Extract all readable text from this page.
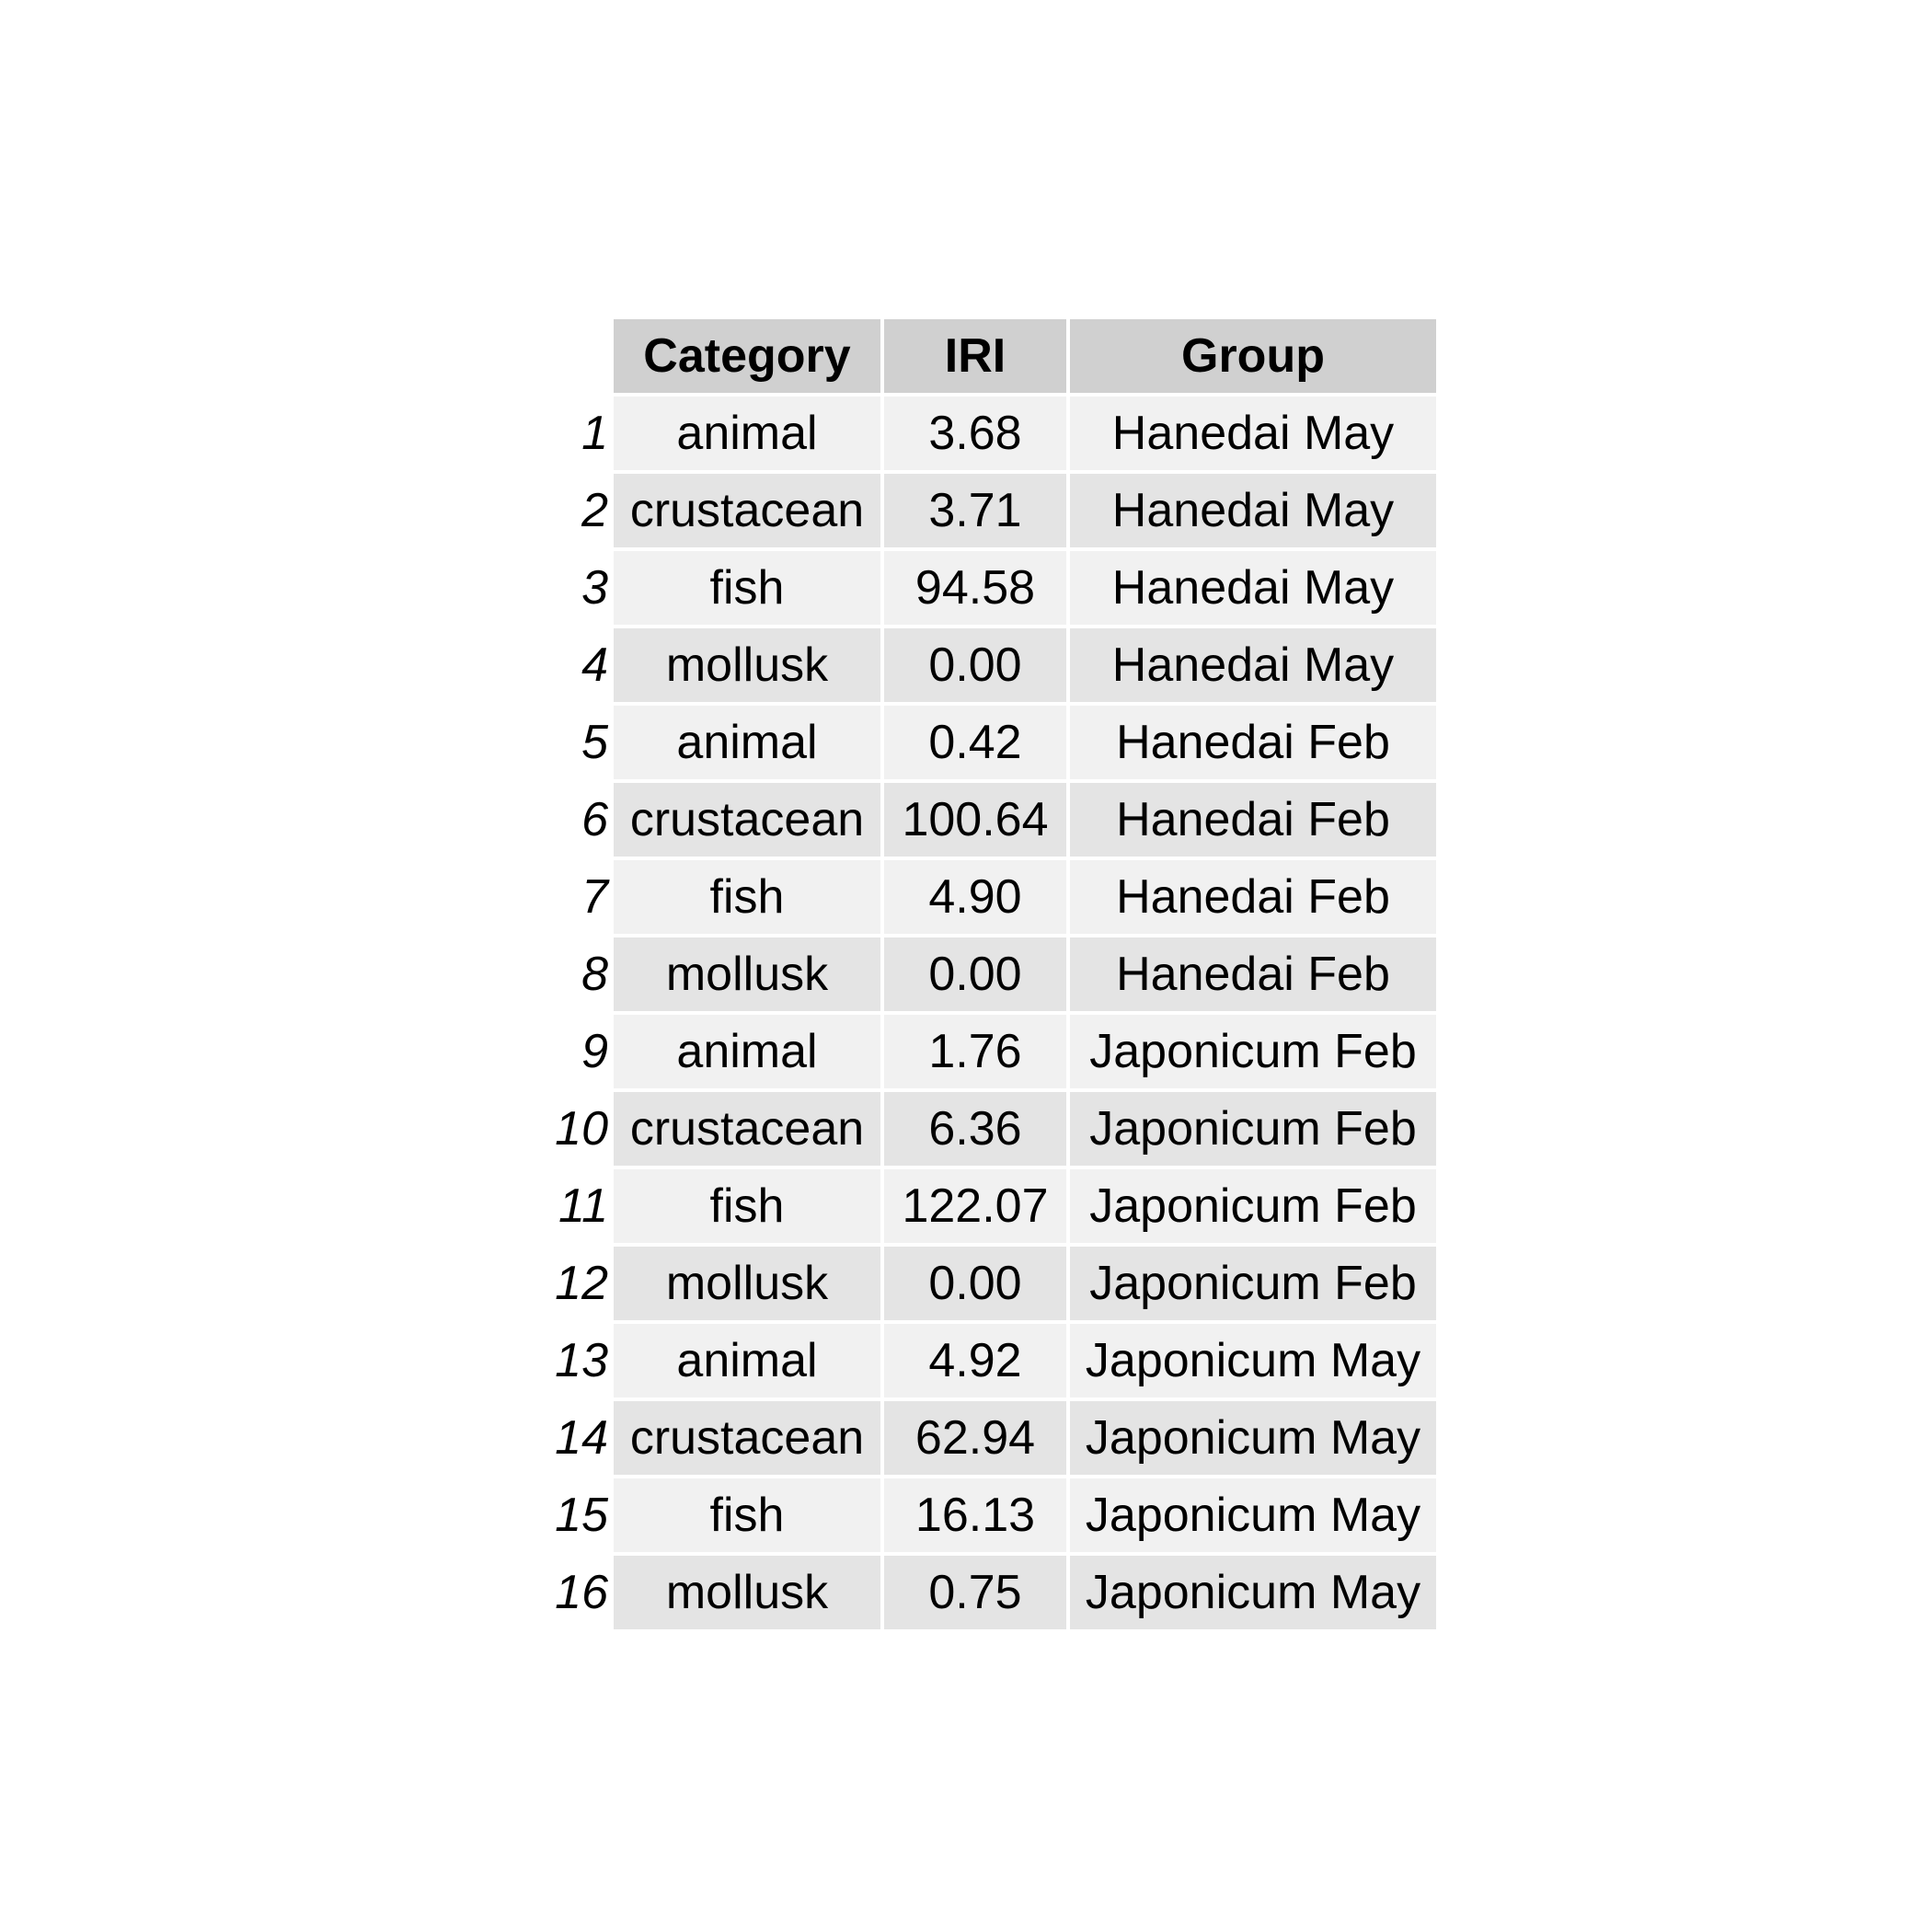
	Category	IRI	Group
1	animal	3.68	Hanedai May
2	crustacean	3.71	Hanedai May
3	fish	94.58	Hanedai May
4	mollusk	0.00	Hanedai May
5	animal	0.42	Hanedai Feb
6	crustacean	100.64	Hanedai Feb
7	fish	4.90	Hanedai Feb
8	mollusk	0.00	Hanedai Feb
9	animal	1.76	Japonicum Feb
10	crustacean	6.36	Japonicum Feb
11	fish	122.07	Japonicum Feb
12	mollusk	0.00	Japonicum Feb
13	animal	4.92	Japonicum May
14	crustacean	62.94	Japonicum May
15	fish	16.13	Japonicum May
16	mollusk	0.75	Japonicum May
